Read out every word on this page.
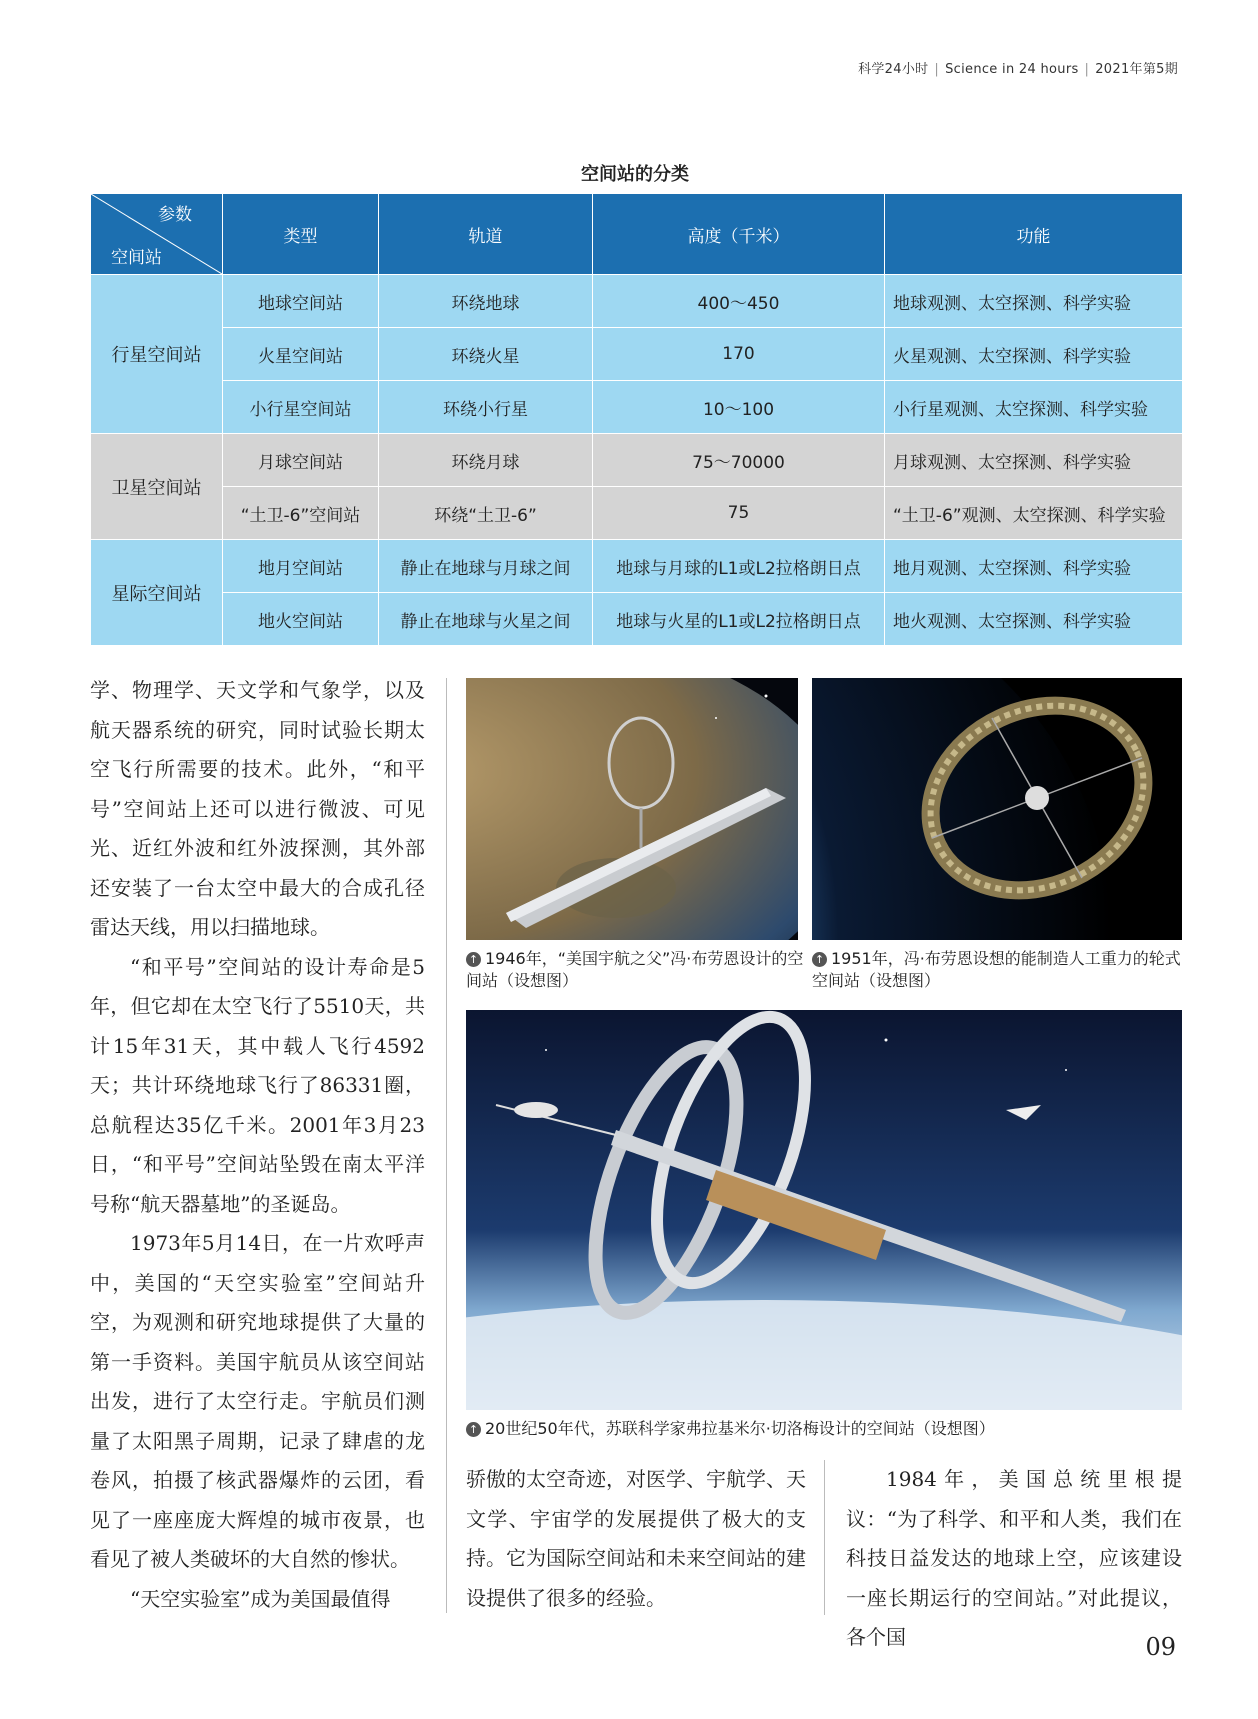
科学24小时 | Science in 24 hours | 2021年第5期
空间站的分类
参数
空间站	类型	轨道	高度（千米）	功能
行星空间站	地球空间站	环绕地球	400～450	地球观测、太空探测、科学实验
	火星空间站	环绕火星	170	火星观测、太空探测、科学实验
	小行星空间站	环绕小行星	10～100	小行星观测、太空探测、科学实验
卫星空间站	月球空间站	环绕月球	75～70000	月球观测、太空探测、科学实验
	“土卫-6”空间站	环绕“土卫-6”	75	“土卫-6”观测、太空探测、科学实验
星际空间站	地月空间站	静止在地球与月球之间	地球与月球的L1或L2拉格朗日点	地月观测、太空探测、科学实验
	地火空间站	静止在地球与火星之间	地球与火星的L1或L2拉格朗日点	地火观测、太空探测、科学实验

学、物理学、天文学和气象学，以及航天器系统的研究，同时试验长期太空飞行所需要的技术。此外，“和平号”空间站上还可以进行微波、可见光、近红外波和红外波探测，其外部还安装了一台太空中最大的合成孔径雷达天线，用以扫描地球。

“和平号”空间站的设计寿命是5年，但它却在太空飞行了5510天，共计15年31天，其中载人飞行4592天；共计环绕地球飞行了86331圈，总航程达35亿千米。2001年3月23日，“和平号”空间站坠毁在南太平洋号称“航天器墓地”的圣诞岛。

1973年5月14日，在一片欢呼声中，美国的“天空实验室”空间站升空，为观测和研究地球提供了大量的第一手资料。美国宇航员从该空间站出发，进行了太空行走。宇航员们测量了太阳黑子周期，记录了肆虐的龙卷风，拍摄了核武器爆炸的云团，看见了一座座庞大辉煌的城市夜景，也看见了被人类破坏的大自然的惨状。

“天空实验室”成为美国最值得

↑ 1946年，“美国宇航之父”冯·布劳恩设计的空间站（设想图）
↑ 1951年，冯·布劳恩设想的能制造人工重力的轮式空间站（设想图）
↑ 20世纪50年代，苏联科学家弗拉基米尔·切洛梅设计的空间站（设想图）

骄傲的太空奇迹，对医学、宇航学、天文学、宇宙学的发展提供了极大的支持。它为国际空间站和未来空间站的建设提供了很多的经验。

1984年，美国总统里根提议：“为了科学、和平和人类，我们在科技日益发达的地球上空，应该建设一座长期运行的空间站。”对此提议，各个国	09
